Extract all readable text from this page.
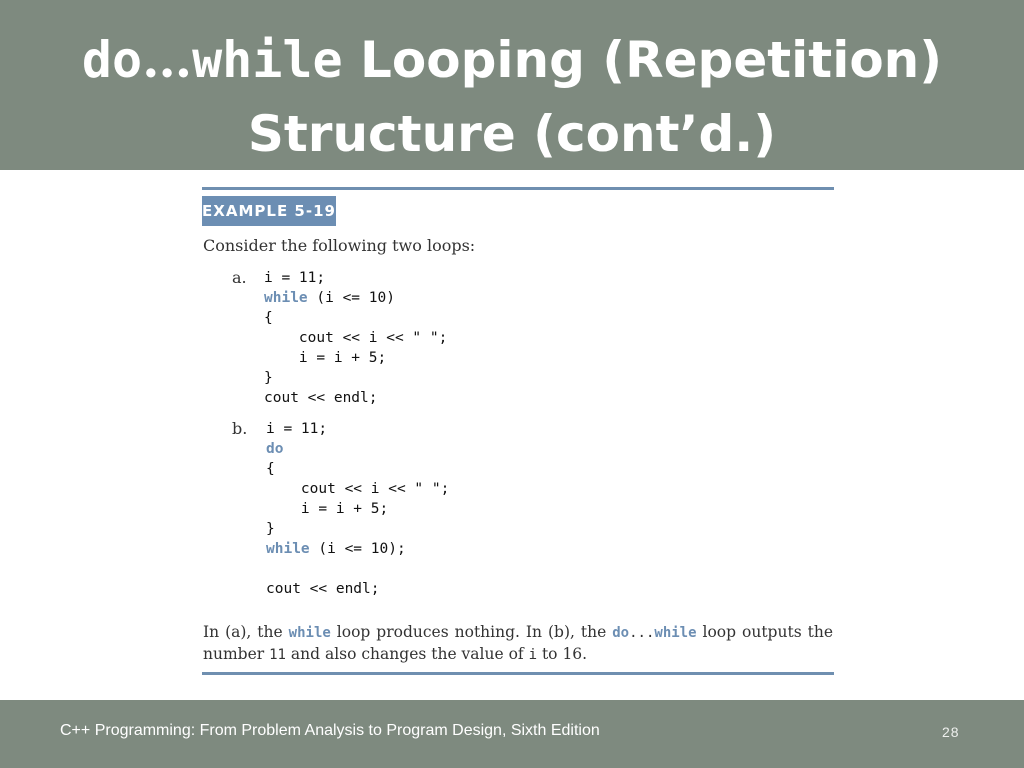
do…while Looping (Repetition)
Structure (cont’d.)
EXAMPLE 5-19
Consider the following two loops:
a. i = 11;
while (i <= 10)
{
cout << i << " ";
i = i + 5;
}
cout << endl;
b. i = 11;
do
{
cout << i << " ";
i = i + 5;
}
while (i <= 10);

cout << endl;
In (a), the while loop produces nothing. In (b), the do...while loop outputs the number 11 and also changes the value of i to 16.
C++ Programming: From Problem Analysis to Program Design, Sixth Edition	28
